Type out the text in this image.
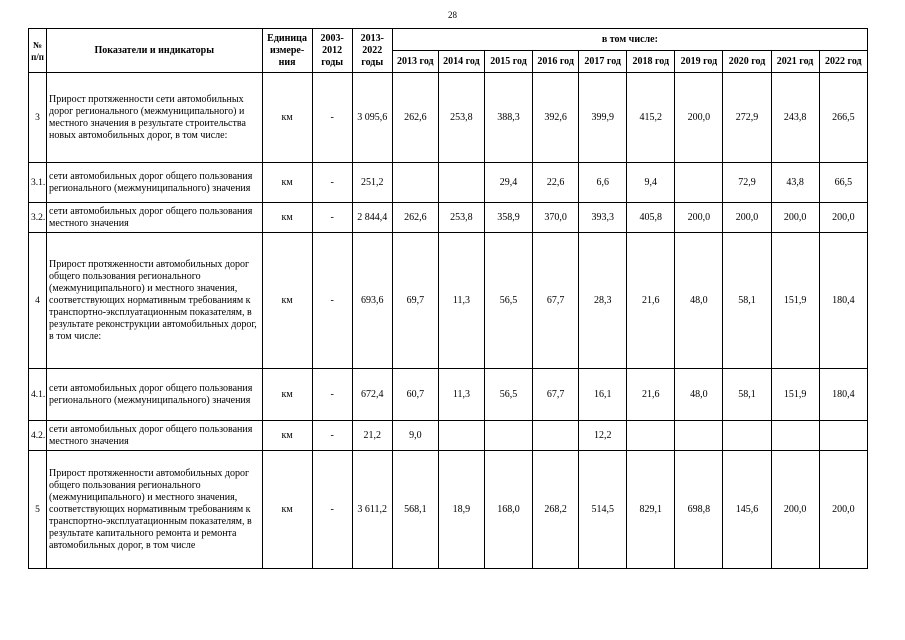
28
№ п/п	Показатели и индикаторы	Единица измере-ния	2003-2012 годы	2013-2022 годы	в том числе:									
					2013 год	2014 год	2015 год	2016 год	2017 год	2018 год	2019 год	2020 год	2021 год	2022 год
3	Прирост протяженности сети автомобильных дорог регионального (межмуниципального) и местного значения в результате строительства новых автомобильных дорог, в том числе:	км	-	3 095,6	262,6	253,8	388,3	392,6	399,9	415,2	200,0	272,9	243,8	266,5
3.1.	сети автомобильных дорог общего пользования регионального (межмуниципального) значения	км	-	251,2			29,4	22,6	6,6	9,4		72,9	43,8	66,5
3.2.	сети автомобильных дорог общего пользования местного значения	км	-	2 844,4	262,6	253,8	358,9	370,0	393,3	405,8	200,0	200,0	200,0	200,0
4	Прирост протяженности автомобильных дорог общего пользования регионального (межмуниципального) и местного значения, соответствующих нормативным требованиям к транспортно-эксплуатационным показателям, в результате реконструкции автомобильных дорог, в том числе:	км	-	693,6	69,7	11,3	56,5	67,7	28,3	21,6	48,0	58,1	151,9	180,4
4.1.	сети автомобильных дорог общего пользования регионального (межмуниципального) значения	км	-	672,4	60,7	11,3	56,5	67,7	16,1	21,6	48,0	58,1	151,9	180,4
4.2.	сети автомобильных дорог общего пользования местного значения	км	-	21,2	9,0				12,2					
5	Прирост протяженности автомобильных дорог общего пользования регионального (межмуниципального) и местного значения, соответствующих нормативным требованиям к транспортно-эксплуатационным показателям, в результате капитального ремонта и ремонта автомобильных дорог, в том числе	км	-	3 611,2	568,1	18,9	168,0	268,2	514,5	829,1	698,8	145,6	200,0	200,0
